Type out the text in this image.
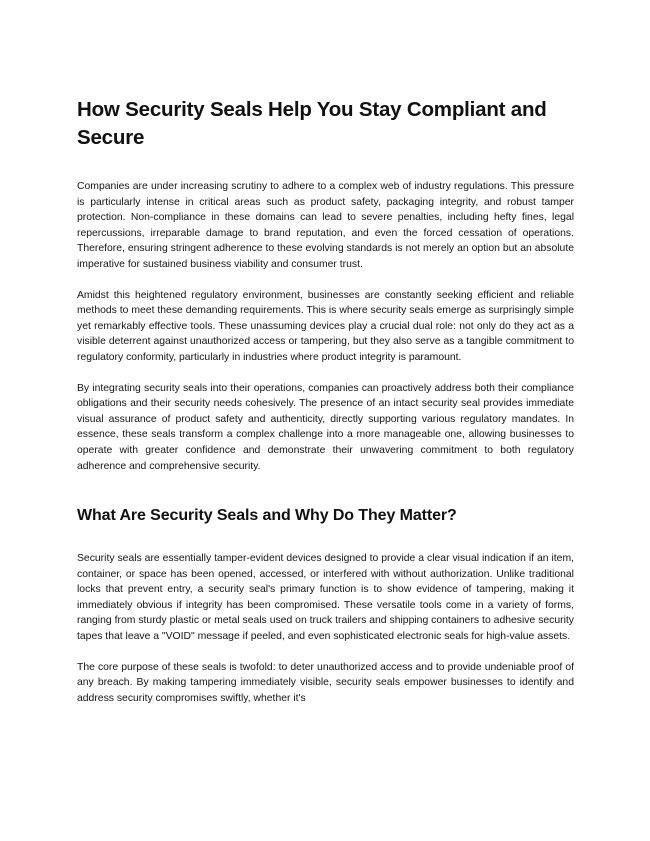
How Security Seals Help You Stay Compliant and Secure

Companies are under increasing scrutiny to adhere to a complex web of industry regulations. This pressure is particularly intense in critical areas such as product safety, packaging integrity, and robust tamper protection. Non-compliance in these domains can lead to severe penalties, including hefty fines, legal repercussions, irreparable damage to brand reputation, and even the forced cessation of operations. Therefore, ensuring stringent adherence to these evolving standards is not merely an option but an absolute imperative for sustained business viability and consumer trust.

Amidst this heightened regulatory environment, businesses are constantly seeking efficient and reliable methods to meet these demanding requirements. This is where security seals emerge as surprisingly simple yet remarkably effective tools. These unassuming devices play a crucial dual role: not only do they act as a visible deterrent against unauthorized access or tampering, but they also serve as a tangible commitment to regulatory conformity, particularly in industries where product integrity is paramount.

By integrating security seals into their operations, companies can proactively address both their compliance obligations and their security needs cohesively. The presence of an intact security seal provides immediate visual assurance of product safety and authenticity, directly supporting various regulatory mandates. In essence, these seals transform a complex challenge into a more manageable one, allowing businesses to operate with greater confidence and demonstrate their unwavering commitment to both regulatory adherence and comprehensive security.

What Are Security Seals and Why Do They Matter?

Security seals are essentially tamper-evident devices designed to provide a clear visual indication if an item, container, or space has been opened, accessed, or interfered with without authorization. Unlike traditional locks that prevent entry, a security seal's primary function is to show evidence of tampering, making it immediately obvious if integrity has been compromised. These versatile tools come in a variety of forms, ranging from sturdy plastic or metal seals used on truck trailers and shipping containers to adhesive security tapes that leave a "VOID" message if peeled, and even sophisticated electronic seals for high-value assets.

The core purpose of these seals is twofold: to deter unauthorized access and to provide undeniable proof of any breach. By making tampering immediately visible, security seals empower businesses to identify and address security compromises swiftly, whether it's
